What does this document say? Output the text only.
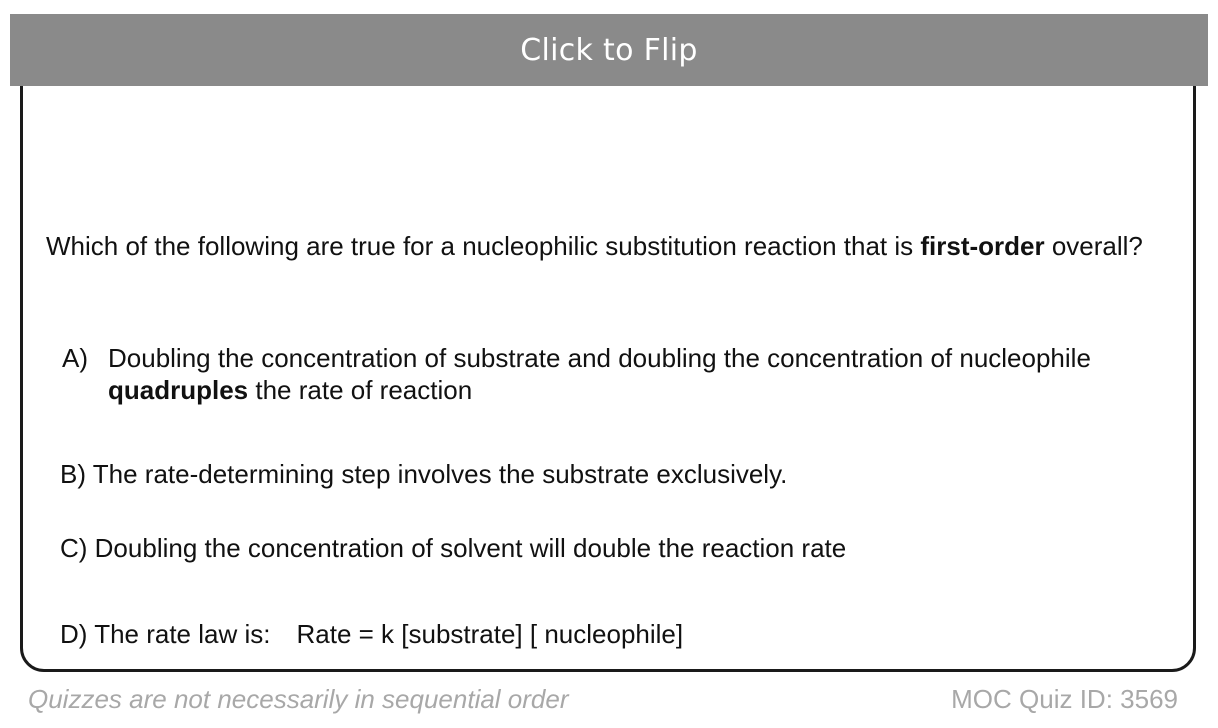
Click to Flip
Which of the following are true for a nucleophilic substitution reaction that is first-order overall?
A) Doubling the concentration of substrate and doubling the concentration of nucleophile quadruples the rate of reaction
B) The rate-determining step involves the substrate exclusively.
C) Doubling the concentration of solvent will double the reaction rate
D) The rate law is: Rate = k [substrate] [ nucleophile]
Quizzes are not necessarily in sequential order	MOC Quiz ID: 3569
